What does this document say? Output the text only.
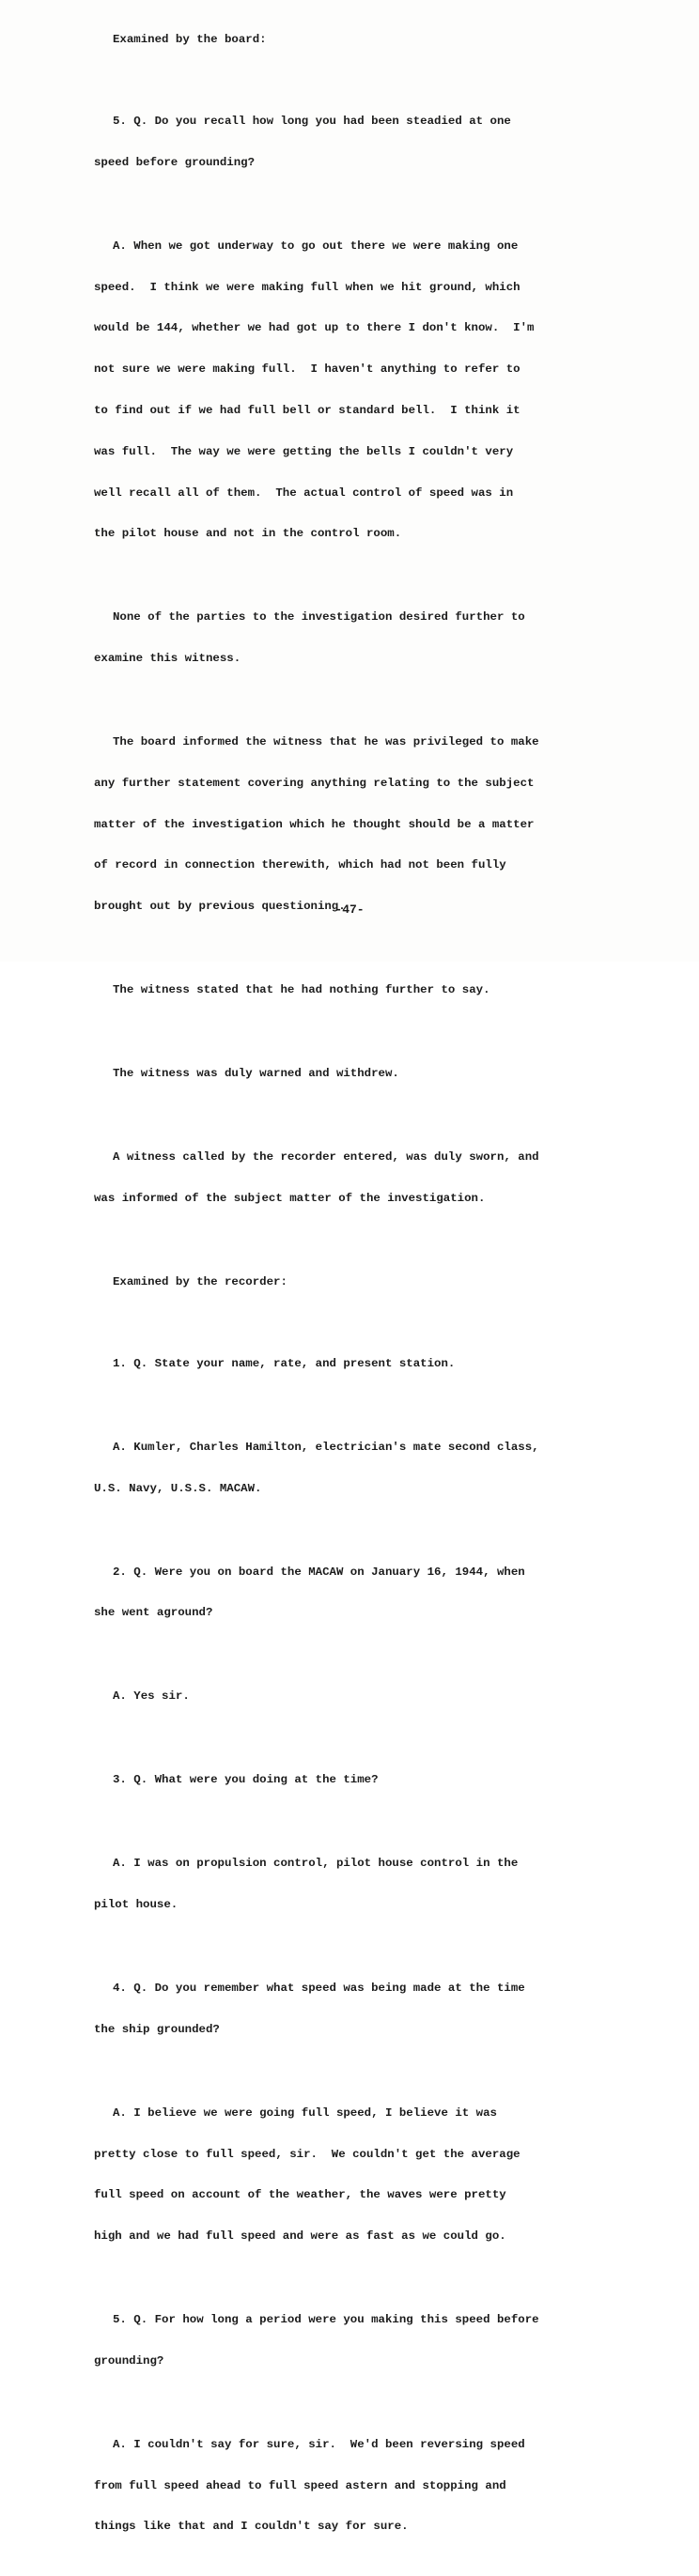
Examined by the board:

5. Q. Do you recall how long you had been steadied at one

speed before grounding?

A. When we got underway to go out there we were making one

speed.  I think we were making full when we hit ground, which

would be 144, whether we had got up to there I don't know.  I'm

not sure we were making full.  I haven't anything to refer to

to find out if we had full bell or standard bell.  I think it

was full.  The way we were getting the bells I couldn't very

well recall all of them.  The actual control of speed was in

the pilot house and not in the control room.

None of the parties to the investigation desired further to

examine this witness.

The board informed the witness that he was privileged to make

any further statement covering anything relating to the subject

matter of the investigation which he thought should be a matter

of record in connection therewith, which had not been fully

brought out by previous questioning.

The witness stated that he had nothing further to say.

The witness was duly warned and withdrew.

A witness called by the recorder entered, was duly sworn, and

was informed of the subject matter of the investigation.

Examined by the recorder:

1. Q. State your name, rate, and present station.

A. Kumler, Charles Hamilton, electrician's mate second class,

U.S. Navy, U.S.S. MACAW.

2. Q. Were you on board the MACAW on January 16, 1944, when

she went aground?

A. Yes sir.

3. Q. What were you doing at the time?

A. I was on propulsion control, pilot house control in the

pilot house.

4. Q. Do you remember what speed was being made at the time

the ship grounded?

A. I believe we were going full speed, I believe it was

pretty close to full speed, sir.  We couldn't get the average

full speed on account of the weather, the waves were pretty

high and we had full speed and were as fast as we could go.

5. Q. For how long a period were you making this speed before

grounding?

A. I couldn't say for sure, sir.  We'd been reversing speed

from full speed ahead to full speed astern and stopping and

things like that and I couldn't say for sure.

-47-
